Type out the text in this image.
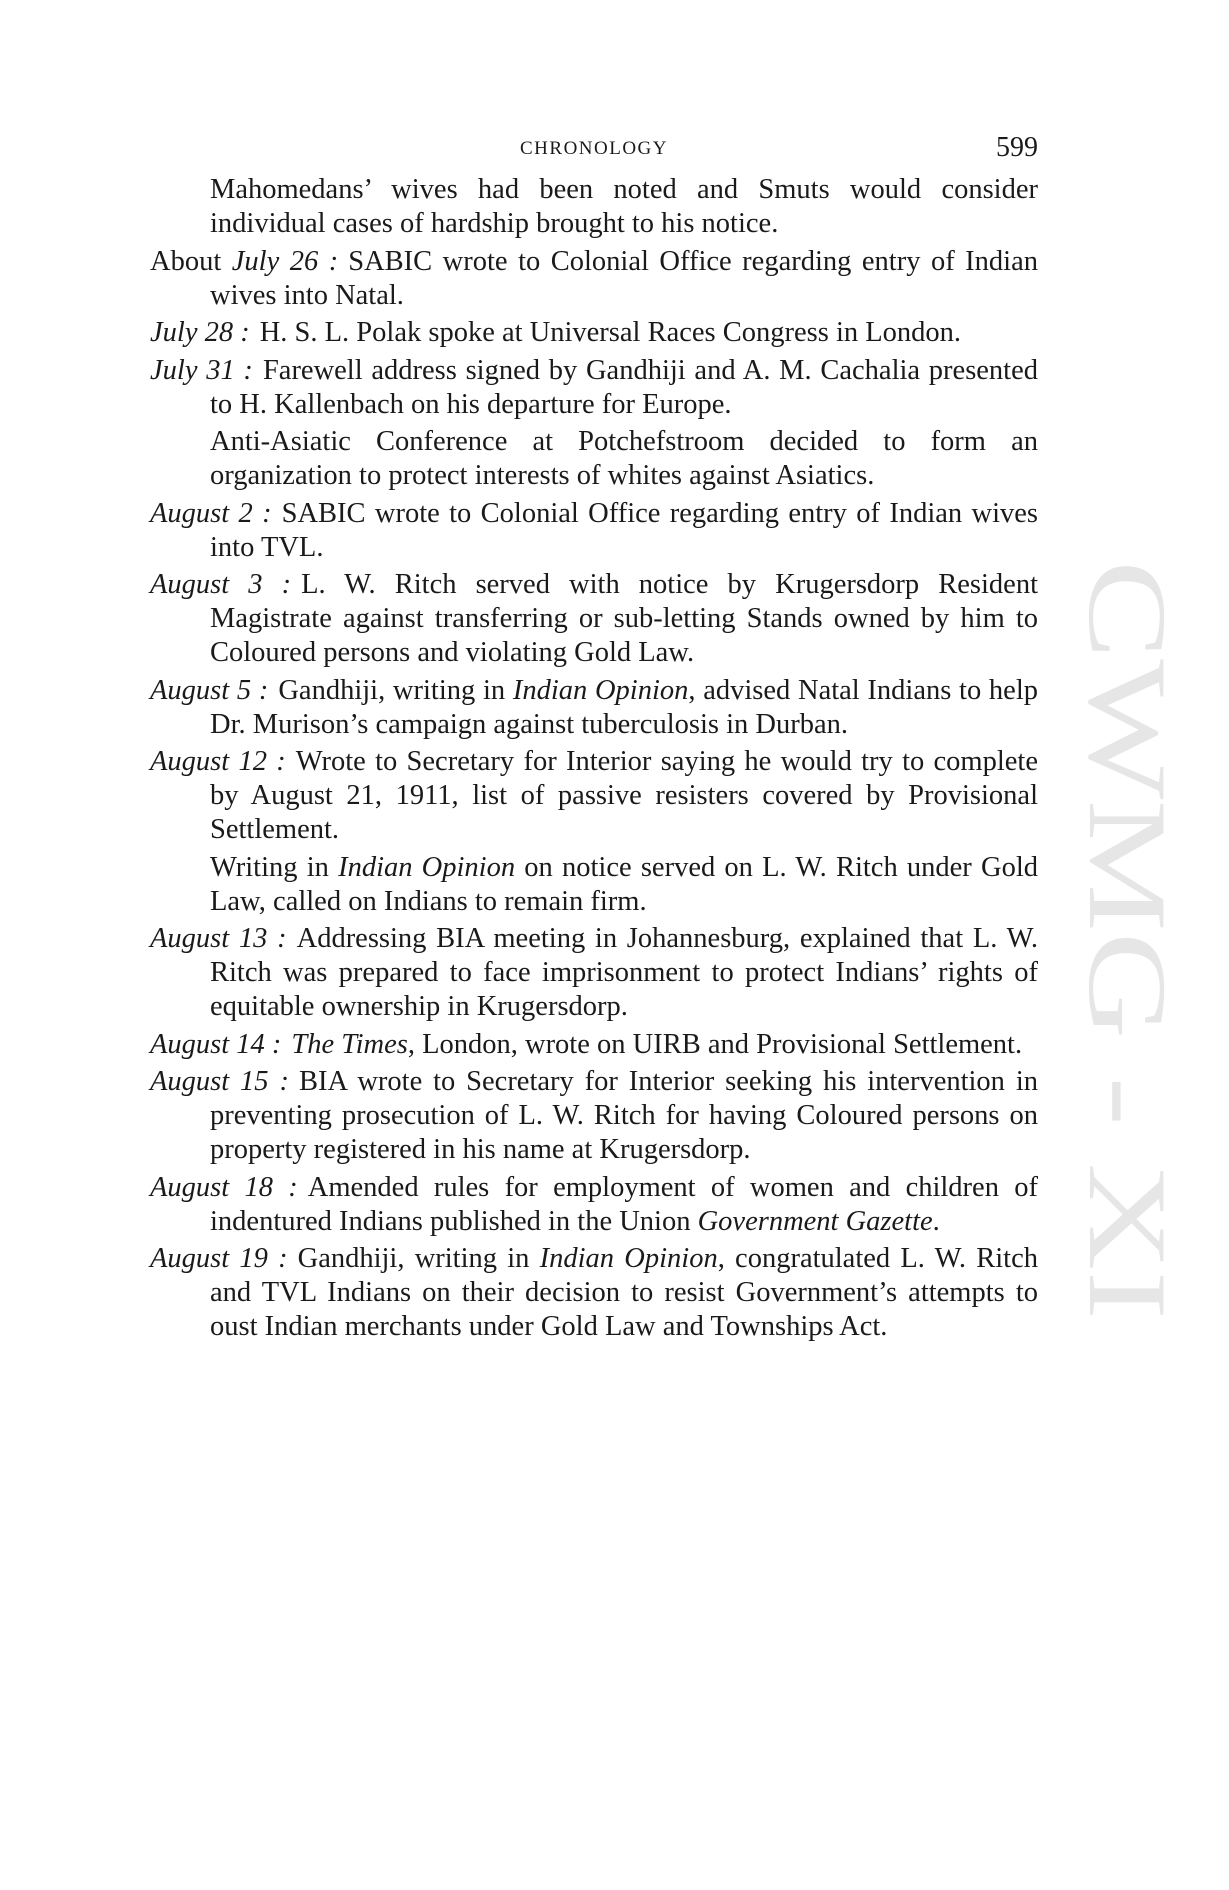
CHRONOLOGY	599
CWMG - XI

Mahomedans’ wives had been noted and Smuts would consider individual cases of hardship brought to his notice.

About July 26 : SABIC wrote to Colonial Office regarding entry of Indian wives into Natal.

July 28 : H. S. L. Polak spoke at Universal Races Congress in London.

July 31 : Farewell address signed by Gandhiji and A. M. Cachalia presented to H. Kallenbach on his departure for Europe.

Anti-Asiatic Conference at Potchefstroom decided to form an organization to protect interests of whites against Asiatics.

August 2 : SABIC wrote to Colonial Office regarding entry of Indian wives into TVL.

August 3 : L. W. Ritch served with notice by Krugersdorp Resident Magistrate against transferring or sub-letting Stands owned by him to Coloured persons and violating Gold Law.

August 5 : Gandhiji, writing in Indian Opinion, advised Natal Indians to help Dr. Murison’s campaign against tuberculosis in Durban.

August 12 : Wrote to Secretary for Interior saying he would try to complete by August 21, 1911, list of passive resisters covered by Provisional Settlement.

Writing in Indian Opinion on notice served on L. W. Ritch under Gold Law, called on Indians to remain firm.

August 13 : Addressing BIA meeting in Johannesburg, explained that L. W. Ritch was prepared to face imprisonment to protect Indians’ rights of equitable ownership in Krugersdorp.

August 14 : The Times, London, wrote on UIRB and Provisional Settlement.

August 15 : BIA wrote to Secretary for Interior seeking his intervention in preventing prosecution of L. W. Ritch for having Coloured persons on property registered in his name at Krugersdorp.

August 18 : Amended rules for employment of women and children of indentured Indians published in the Union Government Gazette.

August 19 : Gandhiji, writing in Indian Opinion, congratulated L. W. Ritch and TVL Indians on their decision to resist Government’s attempts to oust Indian merchants under Gold Law and Townships Act.
